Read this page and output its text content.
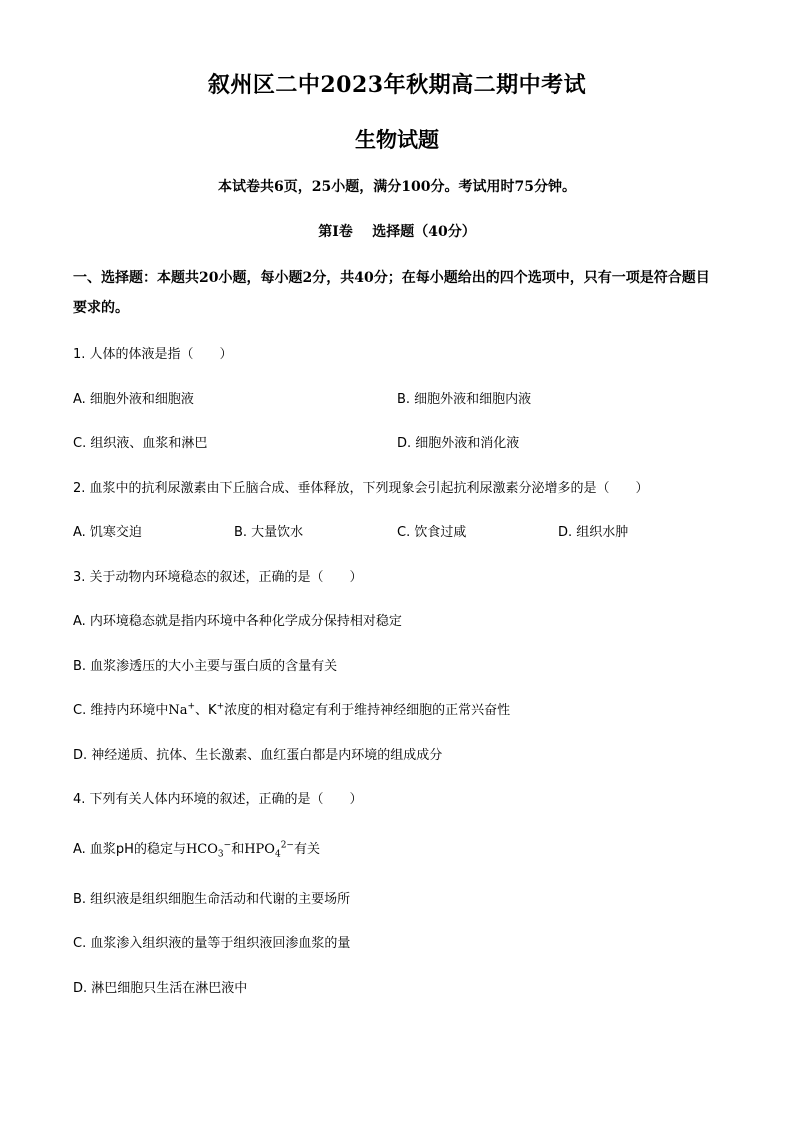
叙州区二中2023年秋期高二期中考试
生物试题
本试卷共6页，25小题，满分100分。考试用时75分钟。
第Ⅰ卷    选择题（40分）
一、选择题：本题共20小题，每小题2分，共40分；在每小题给出的四个选项中，只有一项是符合题目要求的。
1. 人体的体液是指（　　）
A. 细胞外液和细胞液	B. 细胞外液和细胞内液
C. 组织液、血浆和淋巴	D. 细胞外液和消化液
2. 血浆中的抗利尿激素由下丘脑合成、垂体释放，下列现象会引起抗利尿激素分泌增多的是（　　）
A. 饥寒交迫	B. 大量饮水	C. 饮食过咸	D. 组织水肿
3. 关于动物内环境稳态的叙述，正确的是（　　）
A. 内环境稳态就是指内环境中各种化学成分保持相对稳定
B. 血浆渗透压的大小主要与蛋白质的含量有关
C. 维持内环境中Na+、K+浓度的相对稳定有利于维持神经细胞的正常兴奋性
D. 神经递质、抗体、生长激素、血红蛋白都是内环境的组成成分
4. 下列有关人体内环境的叙述，正确的是（　　）
A. 血浆pH的稳定与$HCO_3^-$和$HPO_4^{2-}$有关
B. 组织液是组织细胞生命活动和代谢的主要场所
C. 血浆渗入组织液的量等于组织液回渗血浆的量
D. 淋巴细胞只生活在淋巴液中
